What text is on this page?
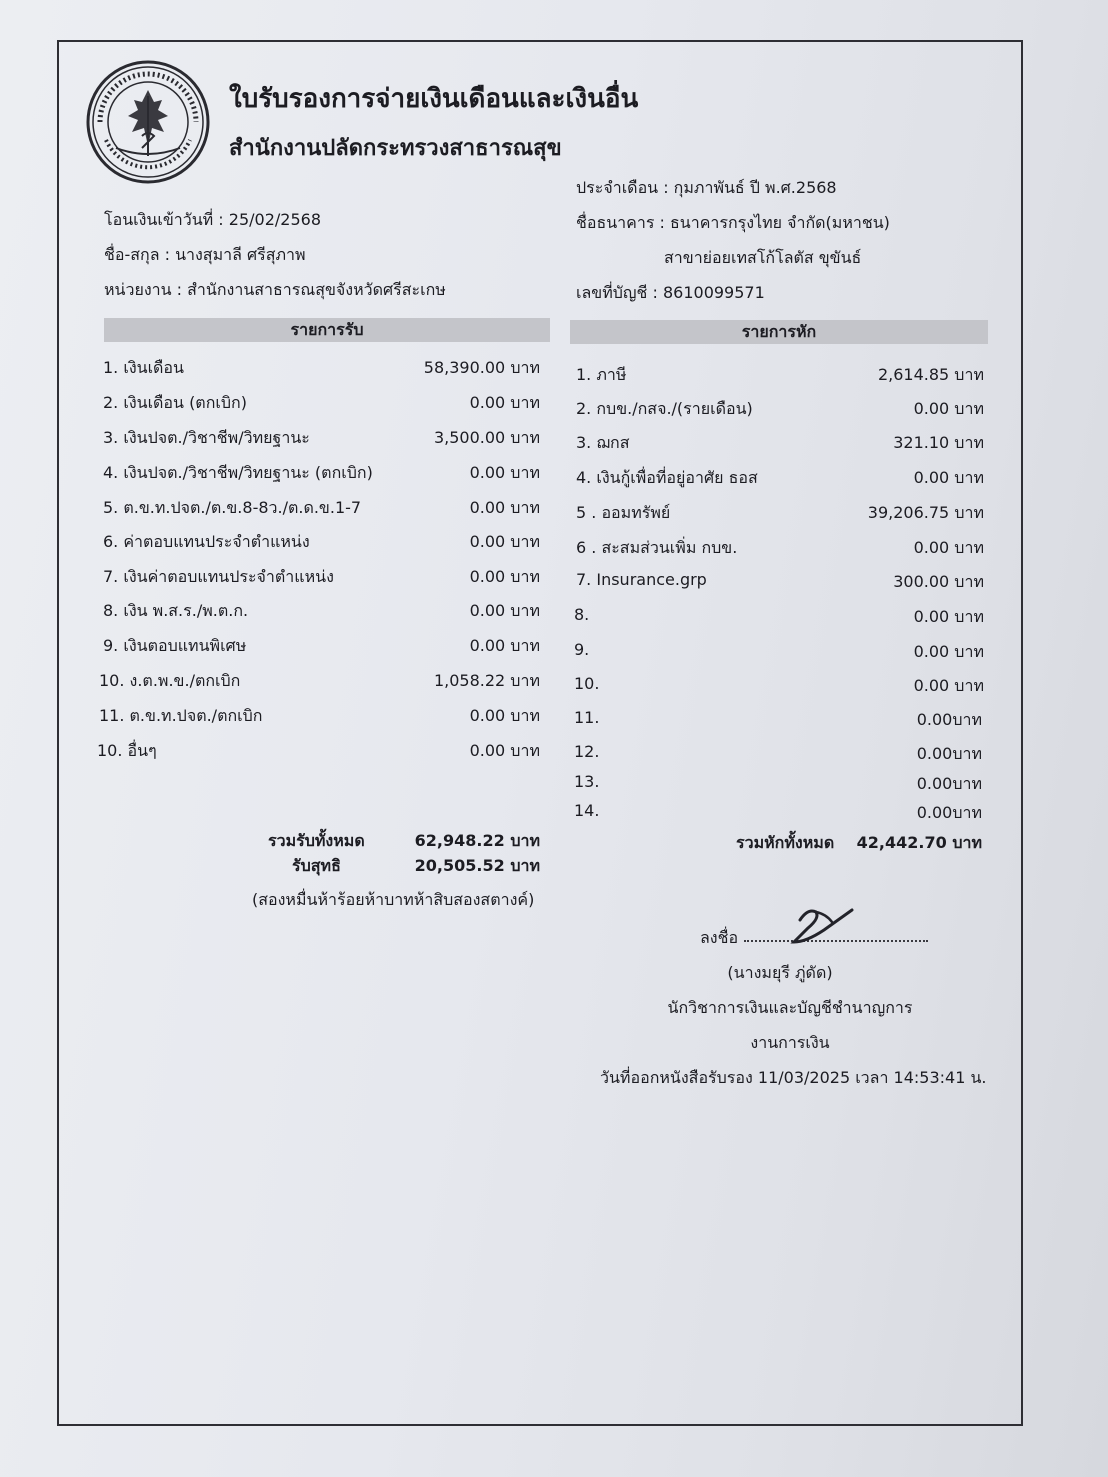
ใบรับรองการจ่ายเงินเดือนและเงินอื่น
สำนักงานปลัดกระทรวงสาธารณสุข
ประจำเดือน : กุมภาพันธ์ ปี พ.ศ.2568
โอนเงินเข้าวันที่ : 25/02/2568	ชื่อธนาคาร : ธนาคารกรุงไทย จำกัด(มหาชน)
ชื่อ-สกุล : นางสุมาลี ศรีสุภาพ	สาขาย่อยเทสโก้โลตัส ขุขันธ์
หน่วยงาน : สำนักงานสาธารณสุขจังหวัดศรีสะเกษ	เลขที่บัญชี : 8610099571
รายการรับ	รายการหัก
1. เงินเดือน	58,390.00 บาท
2. เงินเดือน (ตกเบิก)	0.00 บาท
3. เงินปจต./วิชาชีพ/วิทยฐานะ	3,500.00 บาท
4. เงินปจต./วิชาชีพ/วิทยฐานะ (ตกเบิก)	0.00 บาท
5. ต.ข.ท.ปจต./ต.ข.8-8ว./ต.ด.ข.1-7	0.00 บาท
6. ค่าตอบแทนประจำตำแหน่ง	0.00 บาท
7. เงินค่าตอบแทนประจำตำแหน่ง	0.00 บาท
8. เงิน พ.ส.ร./พ.ต.ก.	0.00 บาท
9. เงินตอบแทนพิเศษ	0.00 บาท
10. ง.ต.พ.ข./ตกเบิก	1,058.22 บาท
11. ต.ข.ท.ปจต./ตกเบิก	0.00 บาท
10. อื่นๆ	0.00 บาท
1. ภาษี	2,614.85 บาท
2. กบข./กสจ./(รายเดือน)	0.00 บาท
3. ฌกส	321.10 บาท
4. เงินกู้เพื่อที่อยู่อาศัย ธอส	0.00 บาท
5 . ออมทรัพย์	39,206.75 บาท
6 . สะสมส่วนเพิ่ม กบข.	0.00 บาท
7. Insurance.grp	300.00 บาท
8.	0.00 บาท
9.	0.00 บาท
10.	0.00 บาท
11.	0.00บาท
12.	0.00บาท
13.	0.00บาท
14.	0.00บาท
รวมรับทั้งหมด	62,948.22 บาท
รับสุทธิ	20,505.52 บาท
(สองหมื่นห้าร้อยห้าบาทห้าสิบสองสตางค์)
รวมหักทั้งหมด 42,442.70 บาท
ลงชื่อ
(นางมยุรี ภู่ดัด)
นักวิชาการเงินและบัญชีชำนาญการ
งานการเงิน
วันที่ออกหนังสือรับรอง 11/03/2025 เวลา 14:53:41 น.
